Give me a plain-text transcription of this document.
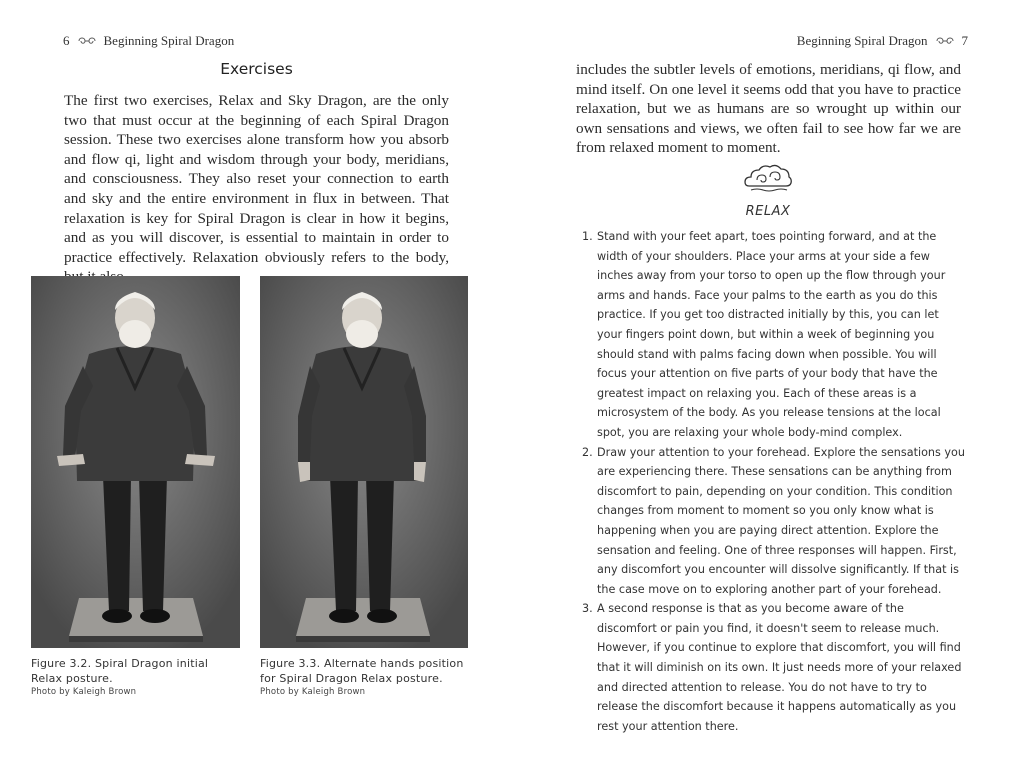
6	Beginning Spiral Dragon
Exercises

The first two exercises, Relax and Sky Dragon, are the only two that must occur at the beginning of each Spiral Dragon session. These two exercises alone transform how you absorb and flow qi, light and wisdom through your body, meridians, and consciousness. They also reset your connection to earth and sky and the entire environment in flux in between. That relaxation is key for Spiral Dragon is clear in how it begins, and as you will discover, is essential to maintain in order to practice effectively. Relaxation obviously refers to the body,

Figure 3.2. Spiral Dragon initial Relax posture.
Photo by Kaleigh Brown
Figure 3.3. Alternate hands position for Spiral Dragon Relax posture.
Photo by Kaleigh Brown
Beginning Spiral Dragon	7

includes the subtler levels of emotions, meridians, qi flow, and mind itself. On one level it seems odd that you have to practice relaxation, but we as humans are so wrought up within our own sensations and views, we often fail to see how far we are from relaxed moment to moment.

RELAX
1. Stand with your feet apart, toes pointing forward, and at the width of your shoulders. Place your arms at your side a few inches away from your torso to open up the flow through your arms and hands. Face your palms to the earth as you do this practice. If you get too distracted initially by this, you can let your fingers point down, but within a week of beginning you should stand with palms facing down when possible. You will focus your attention on five parts of your body that have the greatest impact on relaxing you. Each of these areas is a microsystem of the body. As you release tensions at the local spot, you are relaxing your whole body-mind complex.
2. Draw your attention to your forehead. Explore the sensations you are experiencing there. These sensations can be anything from discomfort to pain, depending on your condition. This condition changes from moment to moment so you only know what is happening when you are paying direct attention. Explore the sensation and feeling. One of three responses will happen. First, any discomfort you encounter will dissolve significantly. If that is the case move on to exploring another part of your forehead.
3. A second response is that as you become aware of the discomfort or pain you find, it doesn't seem to release much. However, if you continue to explore that discomfort, you will find that it will diminish on its own. It just needs more of your relaxed and directed attention to release. You do not have to try to release the discomfort because it happens automatically as you rest your attention there.
